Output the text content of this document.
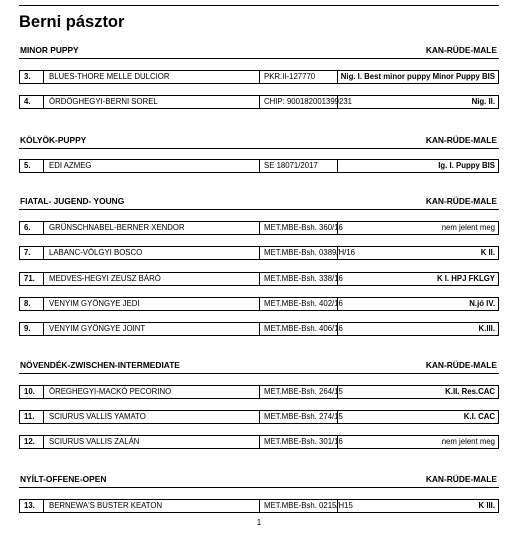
Berni pásztor
MINOR PUPPY	KAN-RÜDE-MALE
3.	BLUES-THORE MELLE DULCIOR	PKR.II-127770	Nig. I. Best minor puppy Minor Puppy BIS
4.	ÖRDÖGHEGYI-BERNI SOREL	CHIP: 900182001399231	Nig. II.
KÖLYÖK-PUPPY	KAN-RÜDE-MALE
5.	EDI AZMEG	SE 18071/2017	Ig. I. Puppy BIS
FIATAL- JUGEND- YOUNG	KAN-RÜDE-MALE
6.	GRÜNSCHNABEL-BERNER XENDOR	MET.MBE-Bsh. 360/16	nem jelent meg
7.	LABANC-VÖLGYI BOSCO	MET.MBE-Bsh. 0389/H/16	K II.
71.	MEDVES-HEGYI ZEUSZ BÁRÓ	MET.MBE-Bsh. 338/16	K I. HPJ FKLGY
8.	VENYIM GYÖNGYE JEDI	MET.MBE-Bsh. 402/16	N.jó IV.
9.	VENYIM GYÖNGYE JOINT	MET.MBE-Bsh. 406/16	K.III.
NÖVENDÉK-ZWISCHEN-INTERMEDIATE	KAN-RÜDE-MALE
10.	ÖREGHEGYI-MACKÓ PECORINO	MET.MBE-Bsh. 264/15	K.II. Res.CAC
11.	SCIURUS VALLIS YAMATO	MET.MBE-Bsh. 274/15	K.I. CAC
12.	SCIURUS VALLIS ZALÁN	MET.MBE-Bsh. 301/16	nem jelent meg
NYÍLT-OFFENE-OPEN	KAN-RÜDE-MALE
13.	BERNEWA'S BUSTER KEATON	MET.MBE-Bsh. 0215/H15	K III.
1
